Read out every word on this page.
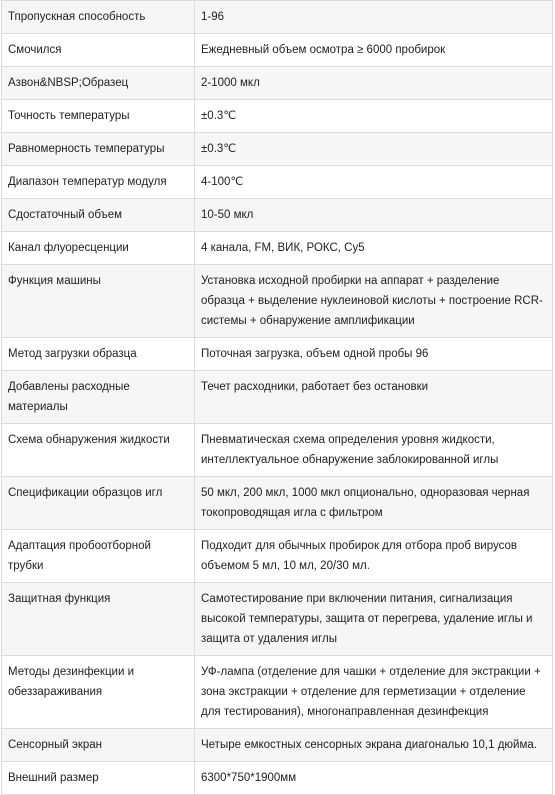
Тпропускная способность	1-96
Смочился	Ежедневный объем осмотра ≥ 6000 пробирок
Азвон&NBSP;Образец	2-1000 мкл
Точность температуры	±0.3℃
Равномерность температуры	±0.3℃
Диапазон температур модуля	4-100℃
Сдостаточный объем	10-50 мкл
Канал флуоресценции	4 канала, FM, ВИК, РОКС, Су5
Функция машины	Установка исходной пробирки на аппарат + разделение образца + выделение нуклеиновой кислоты + построение RCR-системы + обнаружение амплификации
Метод загрузки образца	Поточная загрузка, объем одной пробы 96
Добавлены расходные материалы	Течет расходники, работает без остановки
Схема обнаружения жидкости	Пневматическая схема определения уровня жидкости, интеллектуальное обнаружение заблокированной иглы
Спецификации образцов игл	50 мкл, 200 мкл, 1000 мкл опционально, одноразовая черная токопроводящая игла с фильтром
Адаптация пробоотборной трубки	Подходит для обычных пробирок для отбора проб вирусов объемом 5 мл, 10 мл, 20/30 мл.
Защитная функция	Самотестирование при включении питания, сигнализация высокой температуры, защита от перегрева, удаление иглы и защита от удаления иглы
Методы дезинфекции и обеззараживания	УФ-лампа (отделение для чашки + отделение для экстракции + зона экстракции + отделение для герметизации + отделение для тестирования), многонаправленная дезинфекция
Сенсорный экран	Четыре емкостных сенсорных экрана диагональю 10,1 дюйма.
Внешний размер	6300*750*1900мм
